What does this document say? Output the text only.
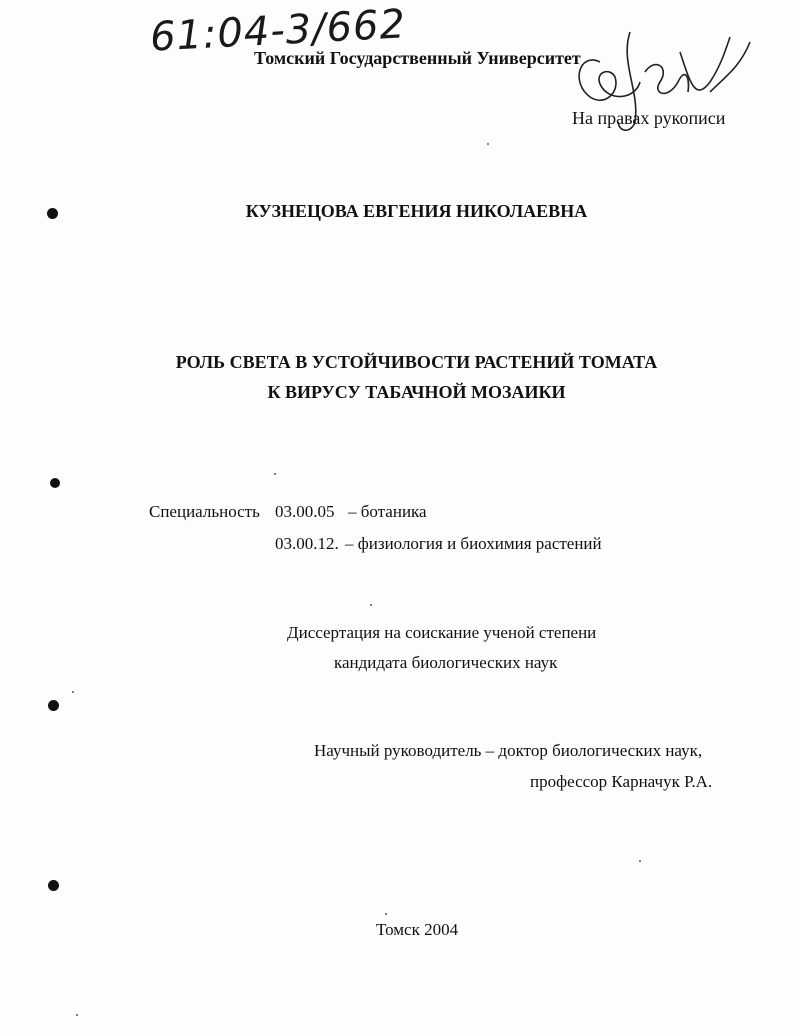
61:04-3/662
Томский Государственный Университет
На правах рукописи
КУЗНЕЦОВА ЕВГЕНИЯ НИКОЛАЕВНА
РОЛЬ СВЕТА В УСТОЙЧИВОСТИ РАСТЕНИЙ ТОМАТА
К ВИРУСУ ТАБАЧНОЙ МОЗАИКИ
Специальность 03.00.05 – ботаника
03.00.12. – физиология и биохимия растений
Диссертация на соискание ученой степени
кандидата биологических наук
Научный руководитель – доктор биологических наук,
профессор Карначук Р.А.
Томск 2004
